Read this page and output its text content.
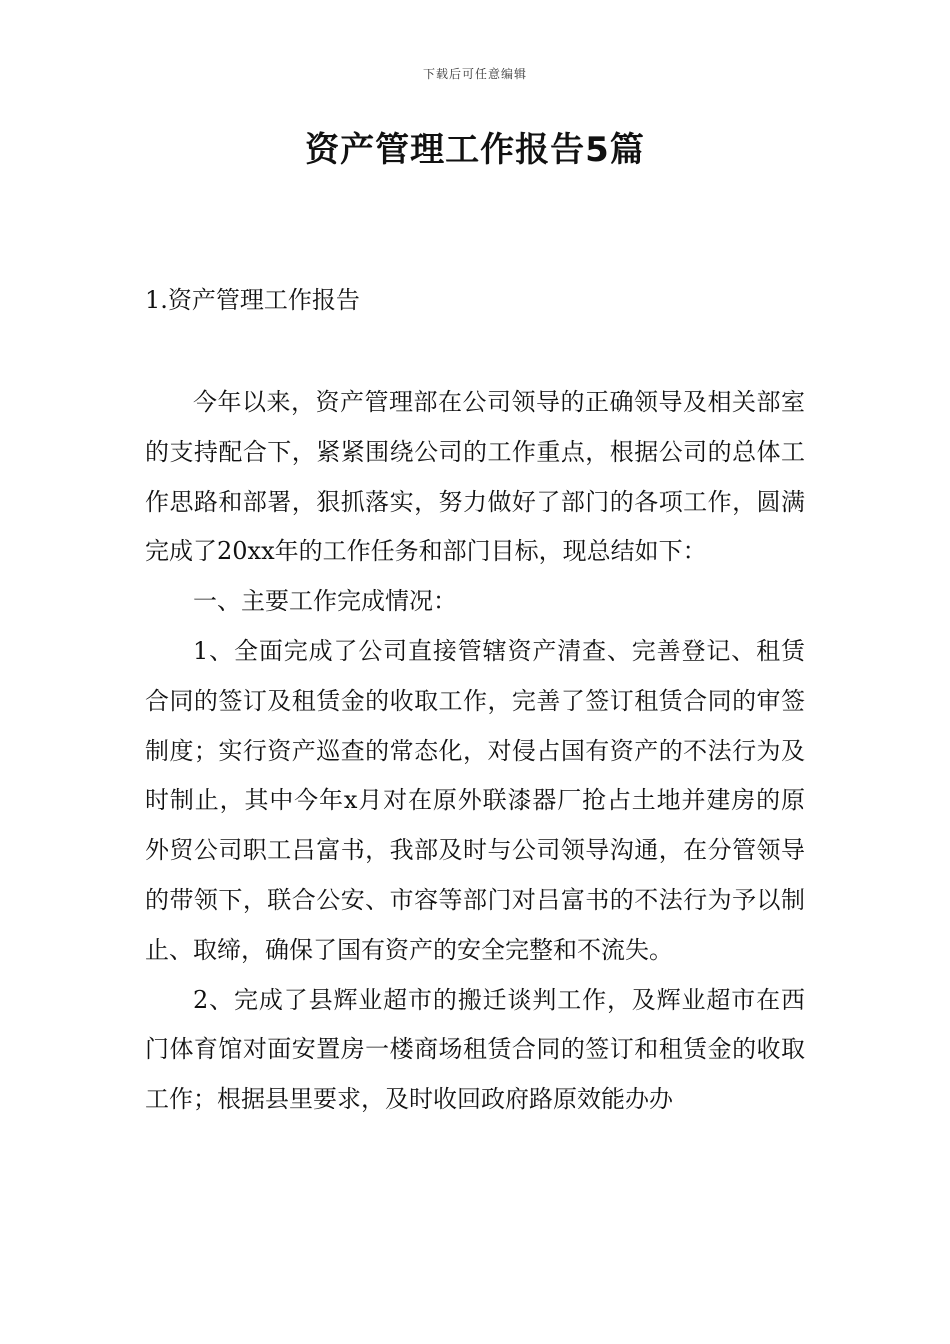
下载后可任意编辑
资产管理工作报告5篇
1.资产管理工作报告

今年以来，资产管理部在公司领导的正确领导及相关部室的支持配合下，紧紧围绕公司的工作重点，根据公司的总体工作思路和部署，狠抓落实，努力做好了部门的各项工作，圆满完成了20xx年的工作任务和部门目标，现总结如下：

一、主要工作完成情况：

1、全面完成了公司直接管辖资产清查、完善登记、租赁合同的签订及租赁金的收取工作，完善了签订租赁合同的审签制度；实行资产巡查的常态化，对侵占国有资产的不法行为及时制止，其中今年x月对在原外联漆器厂抢占土地并建房的原外贸公司职工吕富书，我部及时与公司领导沟通，在分管领导的带领下，联合公安、市容等部门对吕富书的不法行为予以制止、取缔，确保了国有资产的安全完整和不流失。

2、完成了县辉业超市的搬迁谈判工作，及辉业超市在西门体育馆对面安置房一楼商场租赁合同的签订和租赁金的收取工作；根据县里要求，及时收回政府路原效能办办
